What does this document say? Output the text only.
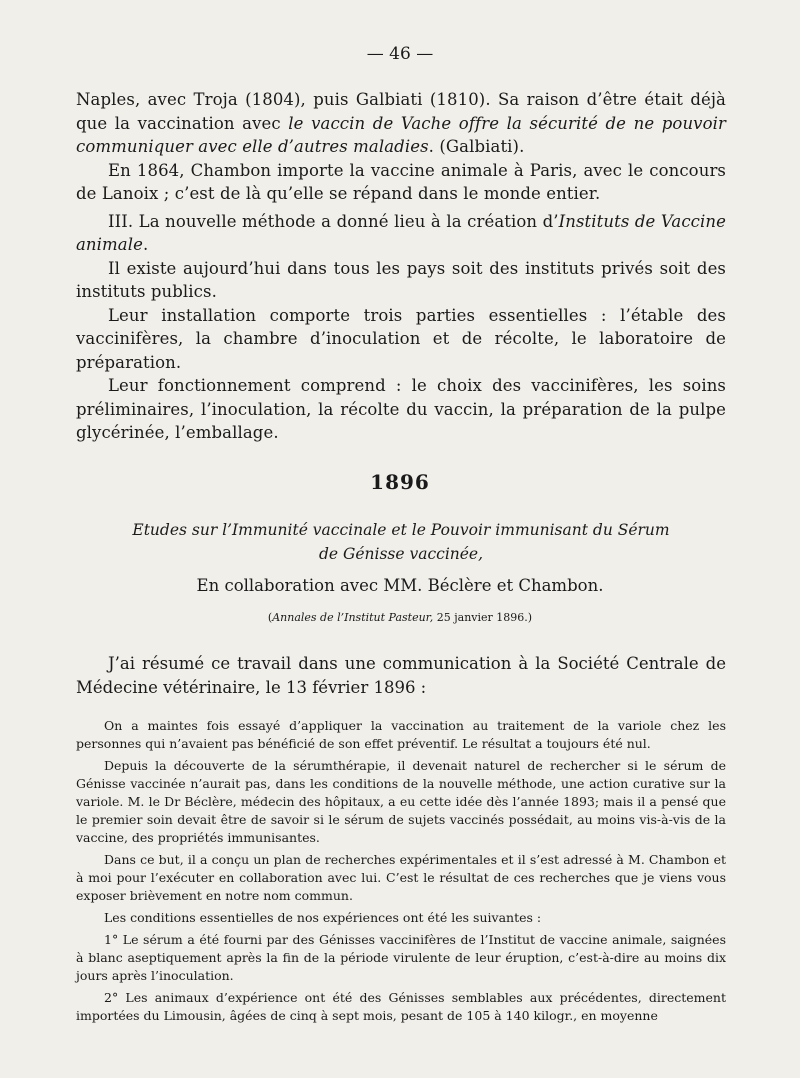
— 46 —

Naples, avec Troja (1804), puis Galbiati (1810). Sa raison d’être était déjà que la vaccination avec le vaccin de Vache offre la sécurité de ne pouvoir communiquer avec elle d’autres maladies. (Galbiati).

En 1864, Chambon importe la vaccine animale à Paris, avec le concours de Lanoix ; c’est de là qu’elle se répand dans le monde entier.

III. La nouvelle méthode a donné lieu à la création d’Instituts de Vaccine animale.

Il existe aujourd’hui dans tous les pays soit des instituts privés soit des instituts publics.

Leur installation comporte trois parties essentielles : l’étable des vaccinifères, la chambre d’inoculation et de récolte, le laboratoire de préparation.

Leur fonctionnement comprend : le choix des vaccinifères, les soins préliminaires, l’inoculation, la récolte du vaccin, la préparation de la pulpe glycérinée, l’emballage.

1896
Etudes sur l’Immunité vaccinale et le Pouvoir immunisant du Sérum
de Génisse vaccinée,
En collaboration avec MM. Béclère et Chambon.
(Annales de l’Institut Pasteur, 25 janvier 1896.)

J’ai résumé ce travail dans une communication à la Société Centrale de Médecine vétérinaire, le 13 février 1896 :

On a maintes fois essayé d’appliquer la vaccination au traitement de la variole chez les personnes qui n’avaient pas bénéficié de son effet préventif. Le résultat a toujours été nul.

Depuis la découverte de la sérumthérapie, il devenait naturel de rechercher si le sérum de Génisse vaccinée n’aurait pas, dans les conditions de la nouvelle méthode, une action curative sur la variole. M. le Dr Béclère, médecin des hôpitaux, a eu cette idée dès l’année 1893; mais il a pensé que le premier soin devait être de savoir si le sérum de sujets vaccinés possédait, au moins vis-à-vis de la vaccine, des propriétés immunisantes.

Dans ce but, il a conçu un plan de recherches expérimentales et il s’est adressé à M. Chambon et à moi pour l’exécuter en collaboration avec lui. C’est le résultat de ces recherches que je viens vous exposer brièvement en notre nom commun.

Les conditions essentielles de nos expériences ont été les suivantes :

1° Le sérum a été fourni par des Génisses vaccinifères de l’Institut de vaccine animale, saignées à blanc aseptiquement après la fin de la période virulente de leur éruption, c’est-à-dire au moins dix jours après l’inoculation.

2° Les animaux d’expérience ont été des Génisses semblables aux précédentes, directement importées du Limousin, âgées de cinq à sept mois, pesant de 105 à 140 kilogr., en moyenne
